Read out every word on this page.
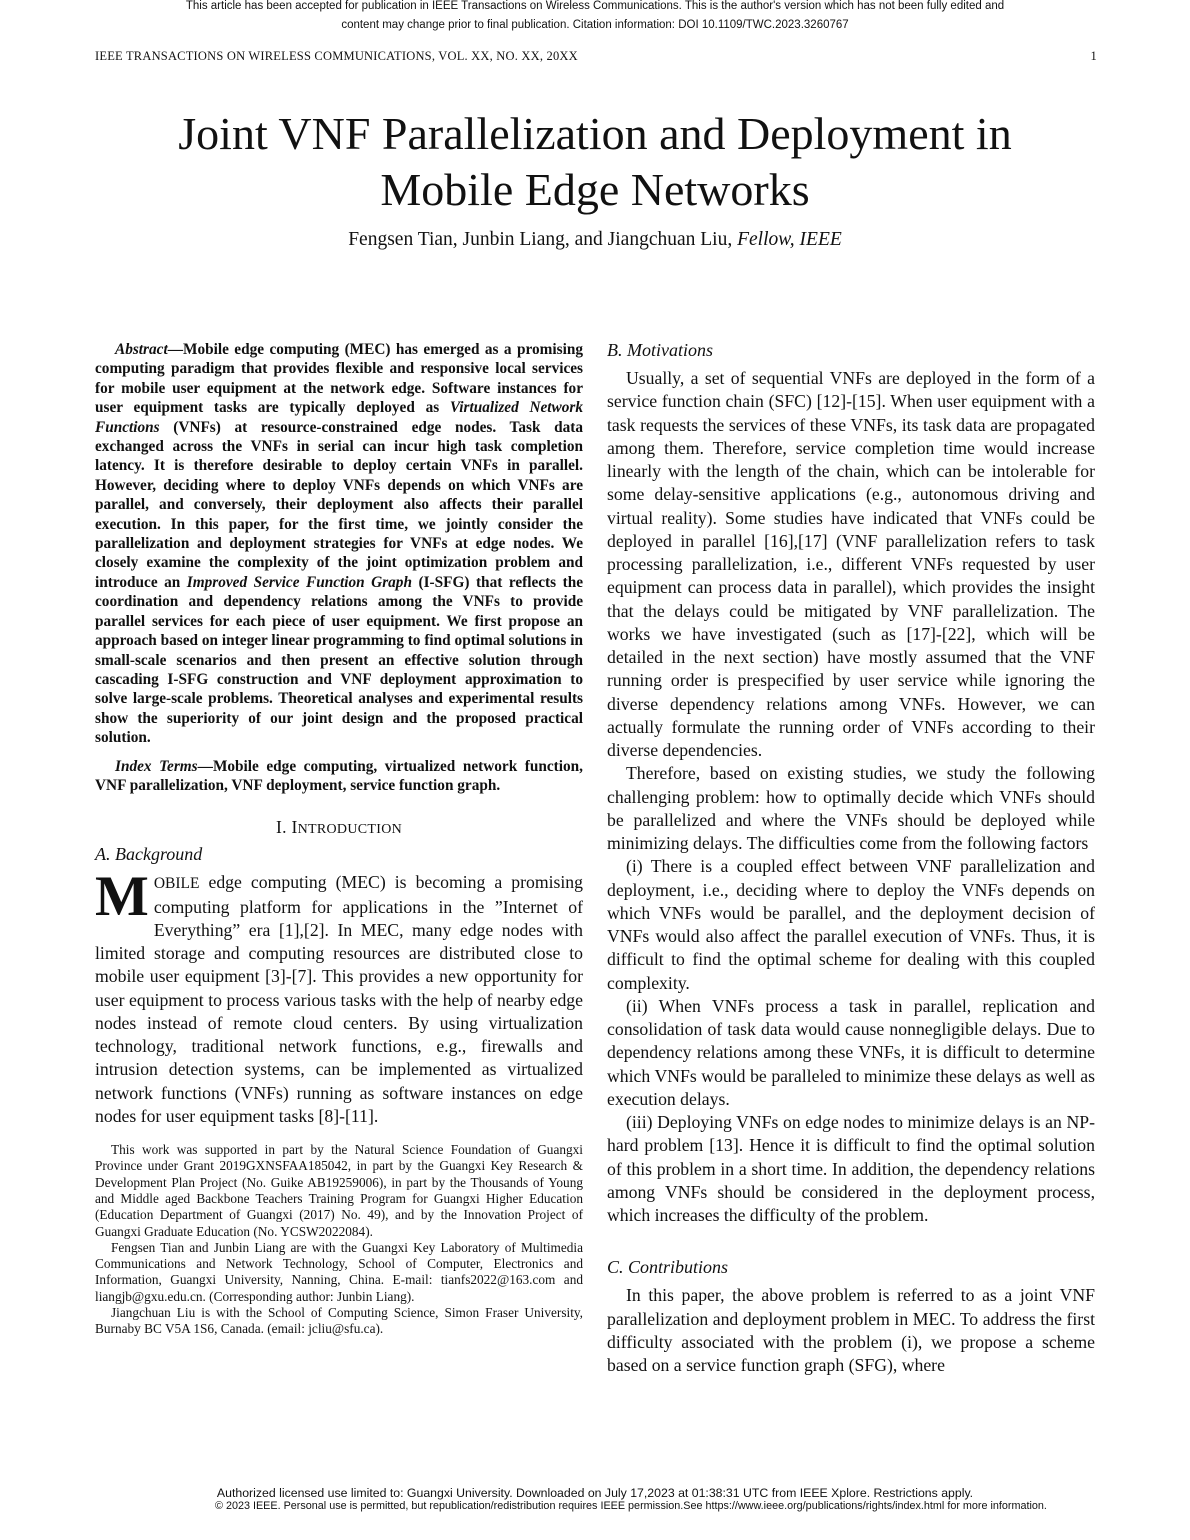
This article has been accepted for publication in IEEE Transactions on Wireless Communications. This is the author's version which has not been fully edited and
content may change prior to final publication. Citation information: DOI 10.1109/TWC.2023.3260767
IEEE TRANSACTIONS ON WIRELESS COMMUNICATIONS, VOL. XX, NO. XX, 20XX	1
Joint VNF Parallelization and Deployment in
Mobile Edge Networks
Fengsen Tian, Junbin Liang, and Jiangchuan Liu, Fellow, IEEE

Abstract—Mobile edge computing (MEC) has emerged as a promising computing paradigm that provides flexible and responsive local services for mobile user equipment at the network edge. Software instances for user equipment tasks are typically deployed as Virtualized Network Functions (VNFs) at resource-constrained edge nodes. Task data exchanged across the VNFs in serial can incur high task completion latency. It is therefore desirable to deploy certain VNFs in parallel. However, deciding where to deploy VNFs depends on which VNFs are parallel, and conversely, their deployment also affects their parallel execution. In this paper, for the first time, we jointly consider the parallelization and deployment strategies for VNFs at edge nodes. We closely examine the complexity of the joint optimization problem and introduce an Improved Service Function Graph (I-SFG) that reflects the coordination and dependency relations among the VNFs to provide parallel services for each piece of user equipment. We first propose an approach based on integer linear programming to find optimal solutions in small-scale scenarios and then present an effective solution through cascading I-SFG construction and VNF deployment approximation to solve large-scale problems. Theoretical analyses and experimental results show the superiority of our joint design and the proposed practical solution.

Index Terms—Mobile edge computing, virtualized network function, VNF parallelization, VNF deployment, service function graph.

I. INTRODUCTION
A. Background

MOBILE edge computing (MEC) is becoming a promising computing platform for applications in the ”Internet of Everything” era [1],[2]. In MEC, many edge nodes with limited storage and computing resources are distributed close to mobile user equipment [3]-[7]. This provides a new opportunity for user equipment to process various tasks with the help of nearby edge nodes instead of remote cloud centers. By using virtualization technology, traditional network functions, e.g., firewalls and intrusion detection systems, can be implemented as virtualized network functions (VNFs) running as software instances on edge nodes for user equipment tasks [8]-[11].

This work was supported in part by the Natural Science Foundation of Guangxi Province under Grant 2019GXNSFAA185042, in part by the Guangxi Key Research & Development Plan Project (No. Guike AB19259006), in part by the Thousands of Young and Middle aged Backbone Teachers Training Program for Guangxi Higher Education (Education Department of Guangxi (2017) No. 49), and by the Innovation Project of Guangxi Graduate Education (No. YCSW2022084).

Fengsen Tian and Junbin Liang are with the Guangxi Key Laboratory of Multimedia Communications and Network Technology, School of Computer, Electronics and Information, Guangxi University, Nanning, China. E-mail: tianfs2022@163.com and liangjb@gxu.edu.cn. (Corresponding author: Junbin Liang).

Jiangchuan Liu is with the School of Computing Science, Simon Fraser University, Burnaby BC V5A 1S6, Canada. (email: jcliu@sfu.ca).

B. Motivations

Usually, a set of sequential VNFs are deployed in the form of a service function chain (SFC) [12]-[15]. When user equipment with a task requests the services of these VNFs, its task data are propagated among them. Therefore, service completion time would increase linearly with the length of the chain, which can be intolerable for some delay-sensitive applications (e.g., autonomous driving and virtual reality). Some studies have indicated that VNFs could be deployed in parallel [16],[17] (VNF parallelization refers to task processing parallelization, i.e., different VNFs requested by user equipment can process data in parallel), which provides the insight that the delays could be mitigated by VNF parallelization. The works we have investigated (such as [17]-[22], which will be detailed in the next section) have mostly assumed that the VNF running order is prespecified by user service while ignoring the diverse dependency relations among VNFs. However, we can actually formulate the running order of VNFs according to their diverse dependencies.

Therefore, based on existing studies, we study the following challenging problem: how to optimally decide which VNFs should be parallelized and where the VNFs should be deployed while minimizing delays. The difficulties come from the following factors

(i) There is a coupled effect between VNF parallelization and deployment, i.e., deciding where to deploy the VNFs depends on which VNFs would be parallel, and the deployment decision of VNFs would also affect the parallel execution of VNFs. Thus, it is difficult to find the optimal scheme for dealing with this coupled complexity.

(ii) When VNFs process a task in parallel, replication and consolidation of task data would cause nonnegligible delays. Due to dependency relations among these VNFs, it is difficult to determine which VNFs would be paralleled to minimize these delays as well as execution delays.

(iii) Deploying VNFs on edge nodes to minimize delays is an NP-hard problem [13]. Hence it is difficult to find the optimal solution of this problem in a short time. In addition, the dependency relations among VNFs should be considered in the deployment process, which increases the difficulty of the problem.

C. Contributions

In this paper, the above problem is referred to as a joint VNF parallelization and deployment problem in MEC. To address the first difficulty associated with the problem (i), we propose a scheme based on a service function graph (SFG), where

Authorized licensed use limited to: Guangxi University. Downloaded on July 17,2023 at 01:38:31 UTC from IEEE Xplore. Restrictions apply.
© 2023 IEEE. Personal use is permitted, but republication/redistribution requires IEEE permission.See https://www.ieee.org/publications/rights/index.html for more information.
